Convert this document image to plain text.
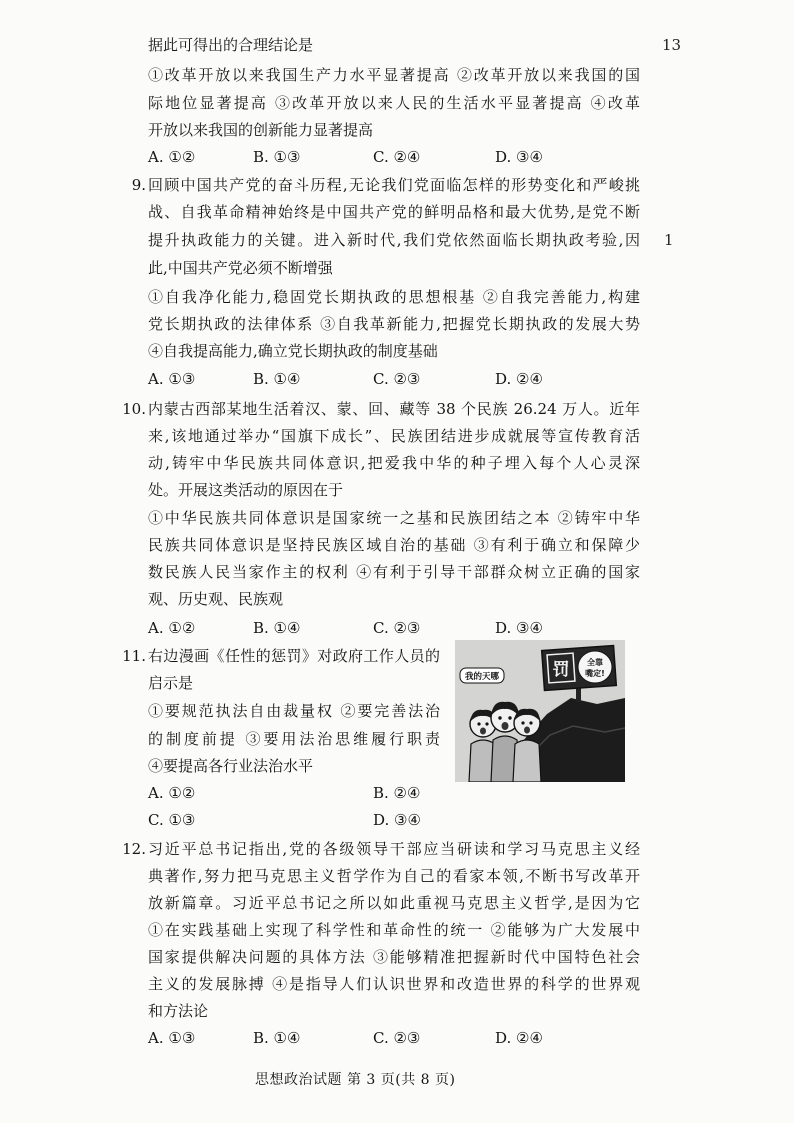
13
1
据此可得出的合理结论是
①改革开放以来我国生产力水平显著提高 ②改革开放以来我国的国
际地位显著提高 ③改革开放以来人民的生活水平显著提高 ④改革
开放以来我国的创新能力显著提高
A. ①②	B. ①③	C. ②④	D. ③④
9. 回顾中国共产党的奋斗历程,无论我们党面临怎样的形势变化和严峻挑
战、自我革命精神始终是中国共产党的鲜明品格和最大优势,是党不断
提升执政能力的关键。进入新时代,我们党依然面临长期执政考验,因
此,中国共产党必须不断增强
①自我净化能力,稳固党长期执政的思想根基 ②自我完善能力,构建
党长期执政的法律体系 ③自我革新能力,把握党长期执政的发展大势
④自我提高能力,确立党长期执政的制度基础
A. ①③	B. ①④	C. ②③	D. ②④
10. 内蒙古西部某地生活着汉、蒙、回、藏等 38 个民族 26.24 万人。近年
来,该地通过举办“国旗下成长”、民族团结进步成就展等宣传教育活
动,铸牢中华民族共同体意识,把爱我中华的种子埋入每个人心灵深
处。开展这类活动的原因在于
①中华民族共同体意识是国家统一之基和民族团结之本 ②铸牢中华
民族共同体意识是坚持民族区域自治的基础 ③有利于确立和保障少
数民族人民当家作主的权利 ④有利于引导干部群众树立正确的国家
观、历史观、民族观
A. ①②	B. ①④	C. ②③	D. ③④
11. 右边漫画《任性的惩罚》对政府工作人员的
启示是
①要规范执法自由裁量权 ②要完善法治
的制度前提 ③要用法治思维履行职责
④要提高各行业法治水平
A. ①②	B. ②④
C. ①③	D. ③④
罚 全靠
嘴定!
我的天哪
12. 习近平总书记指出,党的各级领导干部应当研读和学习马克思主义经
典著作,努力把马克思主义哲学作为自己的看家本领,不断书写改革开
放新篇章。习近平总书记之所以如此重视马克思主义哲学,是因为它
①在实践基础上实现了科学性和革命性的统一 ②能够为广大发展中
国家提供解决问题的具体方法 ③能够精准把握新时代中国特色社会
主义的发展脉搏 ④是指导人们认识世界和改造世界的科学的世界观
和方法论
A. ①③	B. ①④	C. ②③	D. ②④
思想政治试题 第 3 页(共 8 页)
